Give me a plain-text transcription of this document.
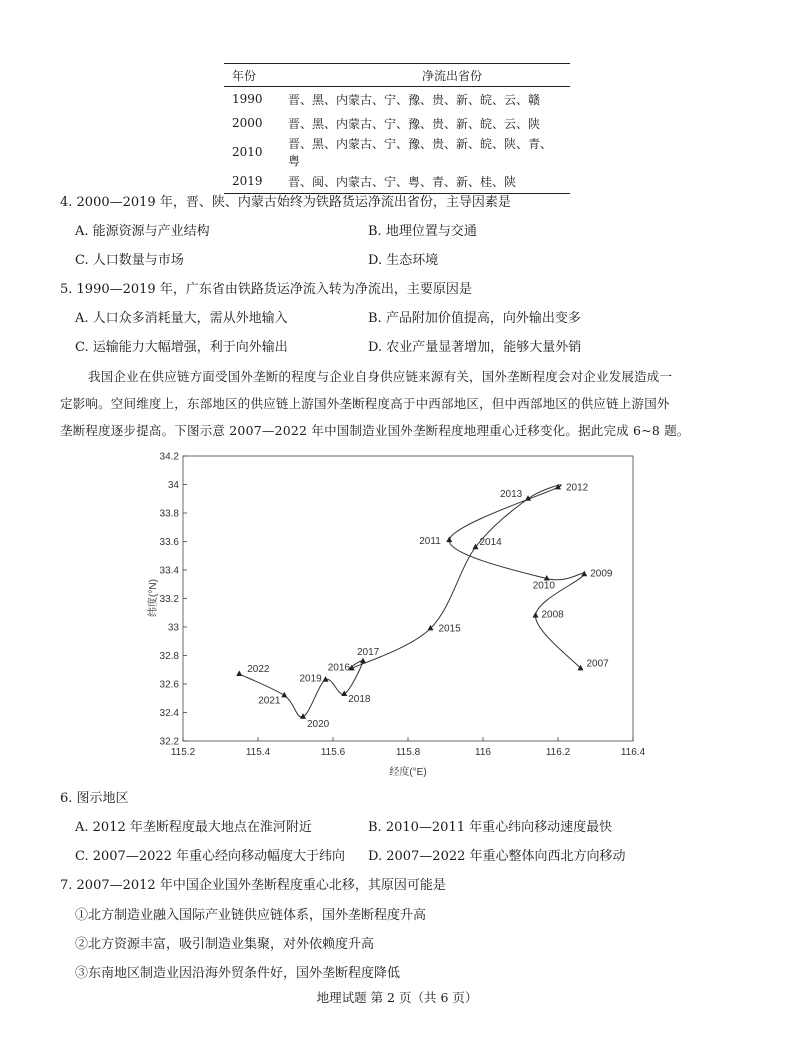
年份	净流出省份
1990	晋、黑、内蒙古、宁、豫、贵、新、皖、云、赣
2000	晋、黑、内蒙古、宁、豫、贵、新、皖、云、陕
2010	晋、黑、内蒙古、宁、豫、贵、新、皖、陕、青、粤
2019	晋、闽、内蒙古、宁、粤、青、新、桂、陕
4. 2000—2019 年，晋、陕、内蒙古始终为铁路货运净流出省份，主导因素是
A. 能源资源与产业结构	B. 地理位置与交通
C. 人口数量与市场	D. 生态环境
5. 1990—2019 年，广东省由铁路货运净流入转为净流出，主要原因是
A. 人口众多消耗量大，需从外地输入	B. 产品附加价值提高，向外输出变多
C. 运输能力大幅增强，利于向外输出	D. 农业产量显著增加，能够大量外销
我国企业在供应链方面受国外垄断的程度与企业自身供应链来源有关，国外垄断程度会对企业发展造成一
定影响。空间维度上，东部地区的供应链上游国外垄断程度高于中西部地区，但中西部地区的供应链上游国外
垄断程度逐步提高。下图示意 2007—2022 年中国制造业国外垄断程度地理重心迁移变化。据此完成 6~8 题。
115.2	115.4	115.6	115.8	116	116.2	116.4
32.2
32.4
32.6
32.8
33
33.2
33.4
33.6
33.8
34
34.2
2007
2008
2009
2010
2011
2012
2013
2014
2015
2016
2017
2018
2019
2020
2021
2022
经度(°E)
纬度(°N)
6. 图示地区
A. 2012 年垄断程度最大地点在淮河附近	B. 2010—2011 年重心纬向移动速度最快
C. 2007—2022 年重心经向移动幅度大于纬向 D. 2007—2022 年重心整体向西北方向移动
7. 2007—2012 年中国企业国外垄断程度重心北移，其原因可能是
①北方制造业融入国际产业链供应链体系，国外垄断程度升高
②北方资源丰富，吸引制造业集聚，对外依赖度升高
③东南地区制造业因沿海外贸条件好，国外垄断程度降低
地理试题 第 2 页（共 6 页）
